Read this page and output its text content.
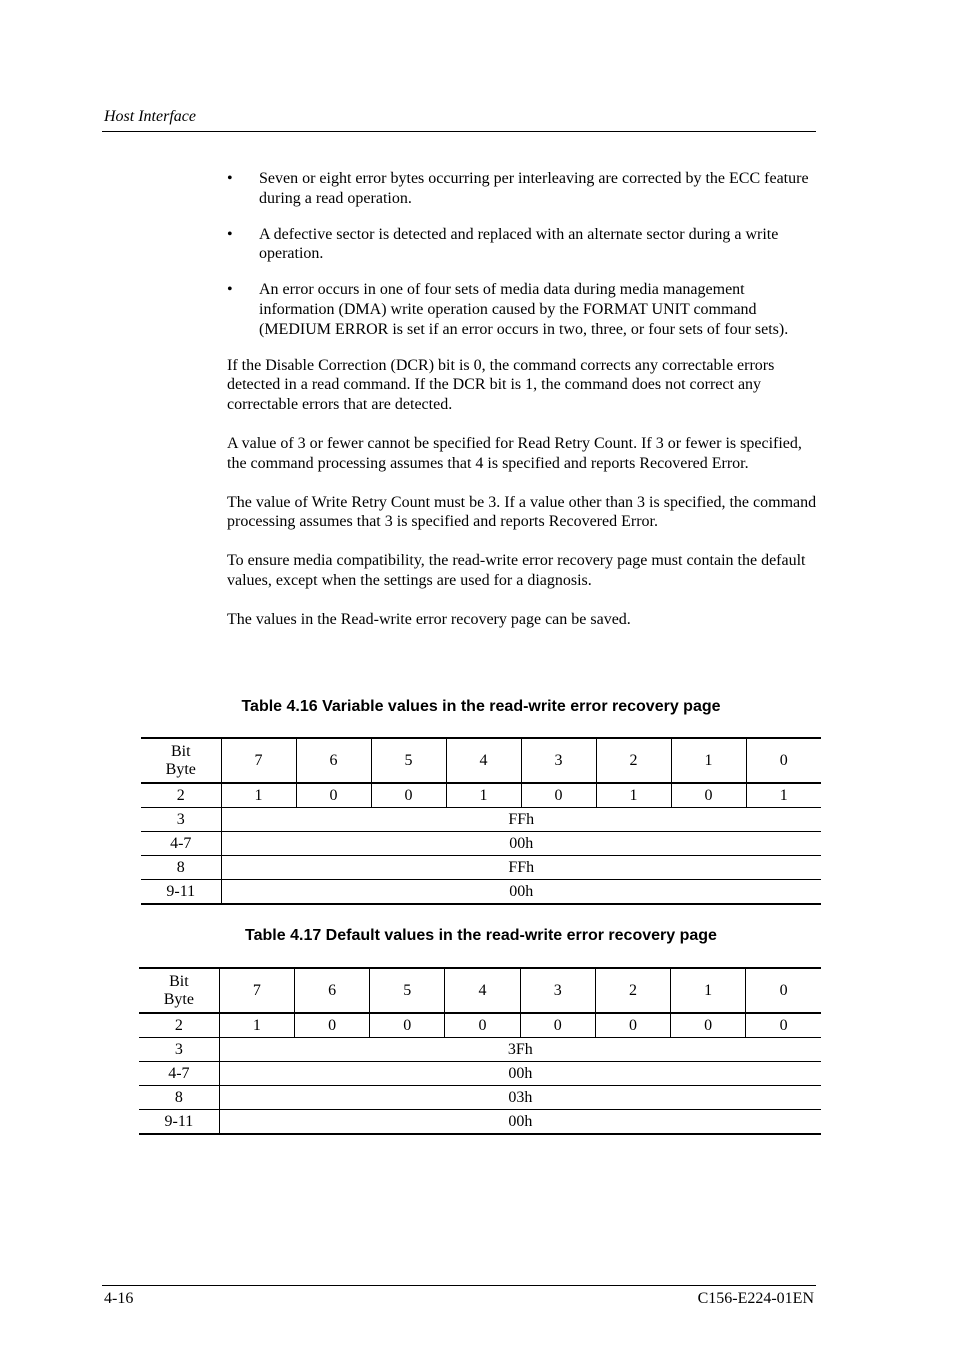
Host Interface
• Seven or eight error bytes occurring per interleaving are corrected by the ECC feature during a read operation.
• A defective sector is detected and replaced with an alternate sector during a write operation.
• An error occurs in one of four sets of media data during media management information (DMA) write operation caused by the FORMAT UNIT command (MEDIUM ERROR is set if an error occurs in two, three, or four sets of four sets).

If the Disable Correction (DCR) bit is 0, the command corrects any correctable errors detected in a read command. If the DCR bit is 1, the command does not correct any correctable errors that are detected.

A value of 3 or fewer cannot be specified for Read Retry Count. If 3 or fewer is specified, the command processing assumes that 4 is specified and reports Recovered Error.

The value of Write Retry Count must be 3. If a value other than 3 is specified, the command processing assumes that 3 is specified and reports Recovered Error.

To ensure media compatibility, the read-write error recovery page must contain the default values, except when the settings are used for a diagnosis.

The values in the Read-write error recovery page can be saved.

Table 4.16 Variable values in the read-write error recovery page
Bit
Byte	7	6	5	4	3	2	1	0
2	1	0	0	1	0	1	0	1
3	FFh							
4-7	00h							
8	FFh							
9-11	00h							
Table 4.17 Default values in the read-write error recovery page
Bit
Byte	7	6	5	4	3	2	1	0
2	1	0	0	0	0	0	0	0
3	3Fh							
4-7	00h							
8	03h							
9-11	00h							
4-16	C156-E224-01EN
